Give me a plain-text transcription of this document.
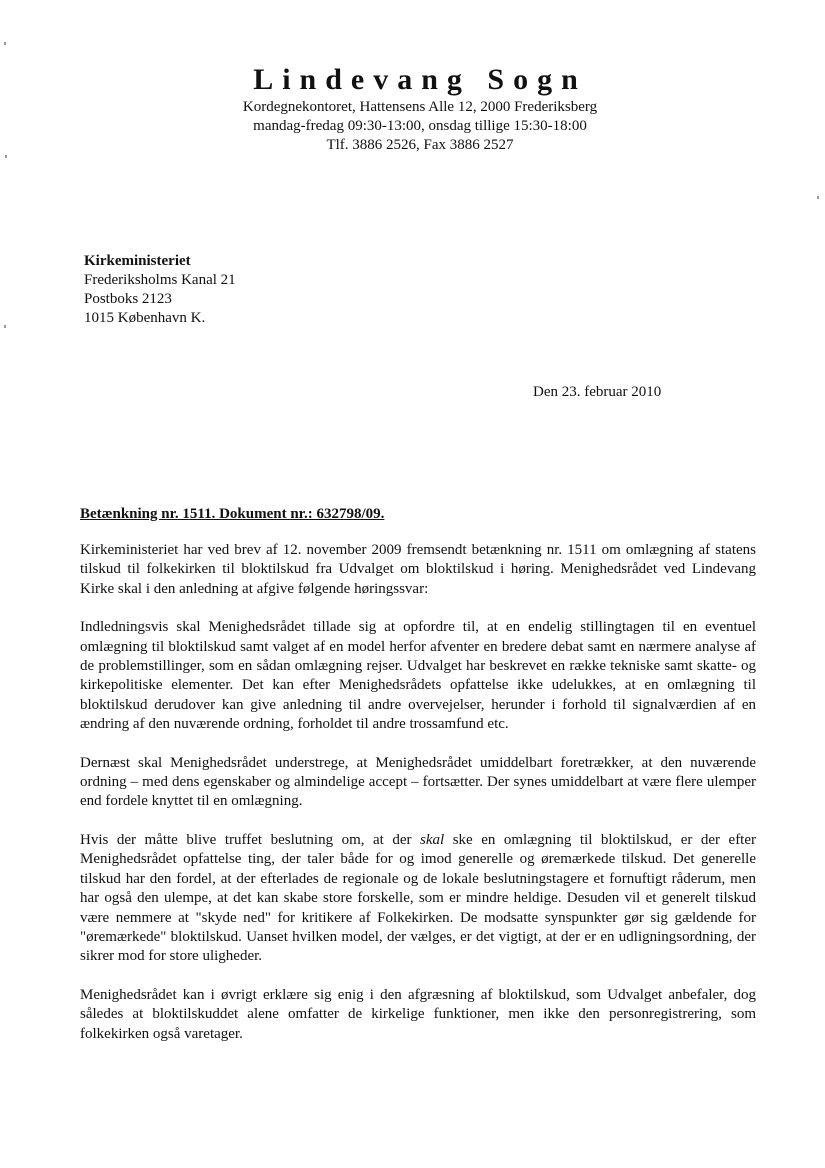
Lindevang Sogn
Kordegnekontoret, Hattensens Alle 12, 2000 Frederiksberg
mandag-fredag 09:30-13:00, onsdag tillige 15:30-18:00
Tlf. 3886 2526, Fax 3886 2527
Kirkeministeriet
Frederiksholms Kanal 21
Postboks 2123
1015 København K.
Den 23. februar 2010
Betænkning nr. 1511. Dokument nr.: 632798/09.

Kirkeministeriet har ved brev af 12. november 2009 fremsendt betænkning nr. 1511 om omlægning af statens tilskud til folkekirken til bloktilskud fra Udvalget om bloktilskud i høring. Menighedsrådet ved Lindevang Kirke skal i den anledning at afgive følgende høringssvar:

Indledningsvis skal Menighedsrådet tillade sig at opfordre til, at en endelig stillingtagen til en eventuel omlægning til bloktilskud samt valget af en model herfor afventer en bredere debat samt en nærmere analyse af de problemstillinger, som en sådan omlægning rejser. Udvalget har beskrevet en række tekniske samt skatte- og kirkepolitiske elementer. Det kan efter Menighedsrådets opfattelse ikke udelukkes, at en omlægning til bloktilskud derudover kan give anledning til andre overvejelser, herunder i forhold til signalværdien af en ændring af den nuværende ordning, forholdet til andre trossamfund etc.

Dernæst skal Menighedsrådet understrege, at Menighedsrådet umiddelbart foretrækker, at den nuværende ordning – med dens egenskaber og almindelige accept – fortsætter. Der synes umiddelbart at være flere ulemper end fordele knyttet til en omlægning.

Hvis der måtte blive truffet beslutning om, at der skal ske en omlægning til bloktilskud, er der efter Menighedsrådet opfattelse ting, der taler både for og imod generelle og øremærkede tilskud. Det generelle tilskud har den fordel, at der efterlades de regionale og de lokale beslutningstagere et fornuftigt råderum, men har også den ulempe, at det kan skabe store forskelle, som er mindre heldige. Desuden vil et generelt tilskud være nemmere at "skyde ned" for kritikere af Folkekirken. De modsatte synspunkter gør sig gældende for "øremærkede" bloktilskud. Uanset hvilken model, der vælges, er det vigtigt, at der er en udligningsordning, der sikrer mod for store uligheder.

Menighedsrådet kan i øvrigt erklære sig enig i den afgræsning af bloktilskud, som Udvalget anbefaler, dog således at bloktilskuddet alene omfatter de kirkelige funktioner, men ikke den personregistrering, som folkekirken også varetager.
